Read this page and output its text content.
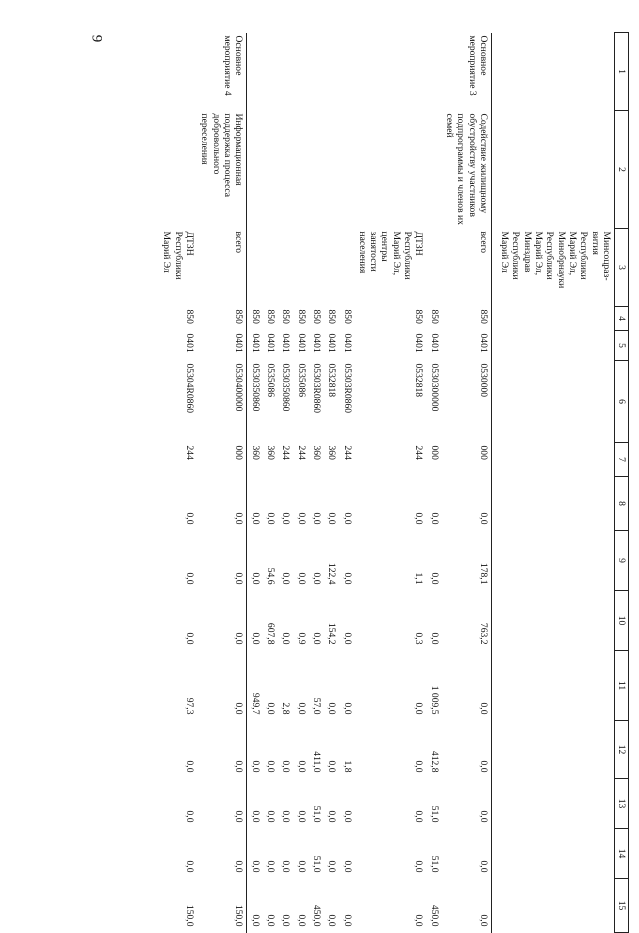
9
1	2	3	4	5	6	7	8	9	10	11	12	13	14	15
		Минсоцраз-вития Республики Марий Эл, Минобрнауки Республики Марий Эл, Минздрав Республики Марий Эл												
Основное мероприятие 3	Содействие жилищному обустройству участников подпрограммы и членов их семей	всего	850	0401	0530000	000	0,0	178,1	763,2	0,0	0,0	0,0	0,0	0,0
			850	0401	0530300000	000	0,0	0,0	0,0	1 009,5	412,8	51,0	51,0	450,0
		ДТЗН Республики Марий Эл, центры занятости населения	850	0401	0532818	244	0,0	1,1	0,3	0,0	0,0	0,0	0,0	0,0
			850	0401	05303R0860	244	0,0	0,0	0,0	0,0	1,8	0,0	0,0	0,0
			850	0401	0532818	360	0,0	122,4	154,2	0,0	0,0	0,0	0,0	0,0
			850	0401	05303R0860	360	0,0	0,0	0,0	57,0	411,0	51,0	51,0	450,0
			850	0401	0535086	244	0,0	0,0	0,9	0,0	0,0	0,0	0,0	0,0
			850	0401	0530350860	244	0,0	0,0	0,0	2,8	0,0	0,0	0,0	0,0
			850	0401	0535086	360	0,0	54,6	607,8	0,0	0,0	0,0	0,0	0,0
			850	0401	0530350860	360	0,0	0,0	0,0	949,7	0,0	0,0	0,0	0,0
Основное мероприятие 4	Информационная поддержка процесса добровольного переселения	всего	850	0401	0530400000	000	0,0	0,0	0,0	0,0	0,0	0,0	0,0	150,0
		ДТЗН Республики Марий Эл	850	0401	05304R0860	244	0,0	0,0	0,0	97,3	0,0	0,0	0,0	150,0
